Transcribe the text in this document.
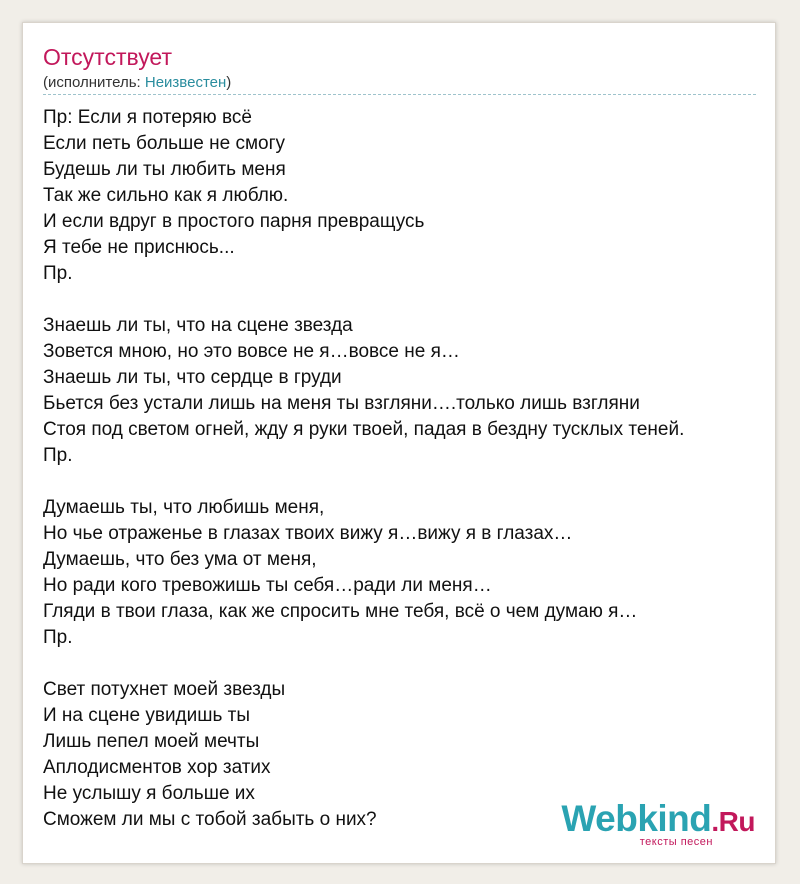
Отсутствует
(исполнитель: Неизвестен)
Пр: Если я потеряю всё
Если петь больше не смогу
Будешь ли ты любить меня
Так же сильно как я люблю.
И если вдруг в простого парня превращусь
Я тебе не приснюсь...
Пр.
Знаешь ли ты, что на сцене звезда
Зовется мною, но это вовсе не я…вовсе не я…
Знаешь ли ты, что сердце в груди
Бьется без устали лишь на меня ты взгляни….только лишь взгляни
Стоя под светом огней, жду я руки твоей, падая в бездну тусклых теней.
Пр.
Думаешь ты, что любишь меня,
Но чье отраженье в глазах твоих вижу я…вижу я в глазах…
Думаешь, что без ума от меня,
Но ради кого тревожишь ты себя…ради ли меня…
Гляди в твои глаза, как же спросить мне тебя, всё о чем думаю я…
Пр.
Свет потухнет моей звезды
И на сцене увидишь ты
Лишь пепел моей мечты
Аплодисментов хор затих
Не услышу я больше их
Сможем ли мы с тобой забыть о них?	Webkind.Ru
тексты песен
